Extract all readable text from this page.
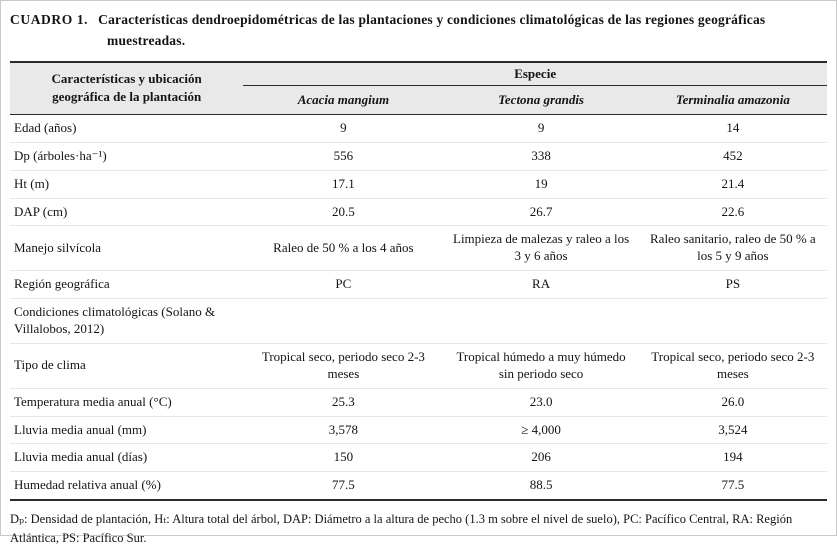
CUADRO 1. Características dendroepidométricas de las plantaciones y condiciones climatológicas de las regiones geográficas muestreadas.

Características y ubicación geográfica de la plantación	Especie		
	Acacia mangium	Tectona grandis	Terminalia amazonia
Edad (años)	9	9	14
Dp (árboles·ha⁻¹)	556	338	452
Ht (m)	17.1	19	21.4
DAP (cm)	20.5	26.7	22.6
Manejo silvícola	Raleo de 50 % a los 4 años	Limpieza de malezas y raleo a los 3 y 6 años	Raleo sanitario, raleo de 50 % a los 5 y 9 años
Región geográfica	PC	RA	PS
Condiciones climatológicas (Solano & Villalobos, 2012)			
Tipo de clima	Tropical seco, periodo seco 2-3 meses	Tropical húmedo a muy húmedo sin periodo seco	Tropical seco, periodo seco 2-3 meses
Temperatura media anual (°C)	25.3	23.0	26.0
Lluvia media anual (mm)	3,578	≥ 4,000	3,524
Lluvia media anual (días)	150	206	194
Humedad relativa anual (%)	77.5	88.5	77.5

Dₚ: Densidad de plantación, Hₜ: Altura total del árbol, DAP: Diámetro a la altura de pecho (1.3 m sobre el nivel de suelo), PC: Pacífico Central, RA: Región Atlántica, PS: Pacífico Sur.
